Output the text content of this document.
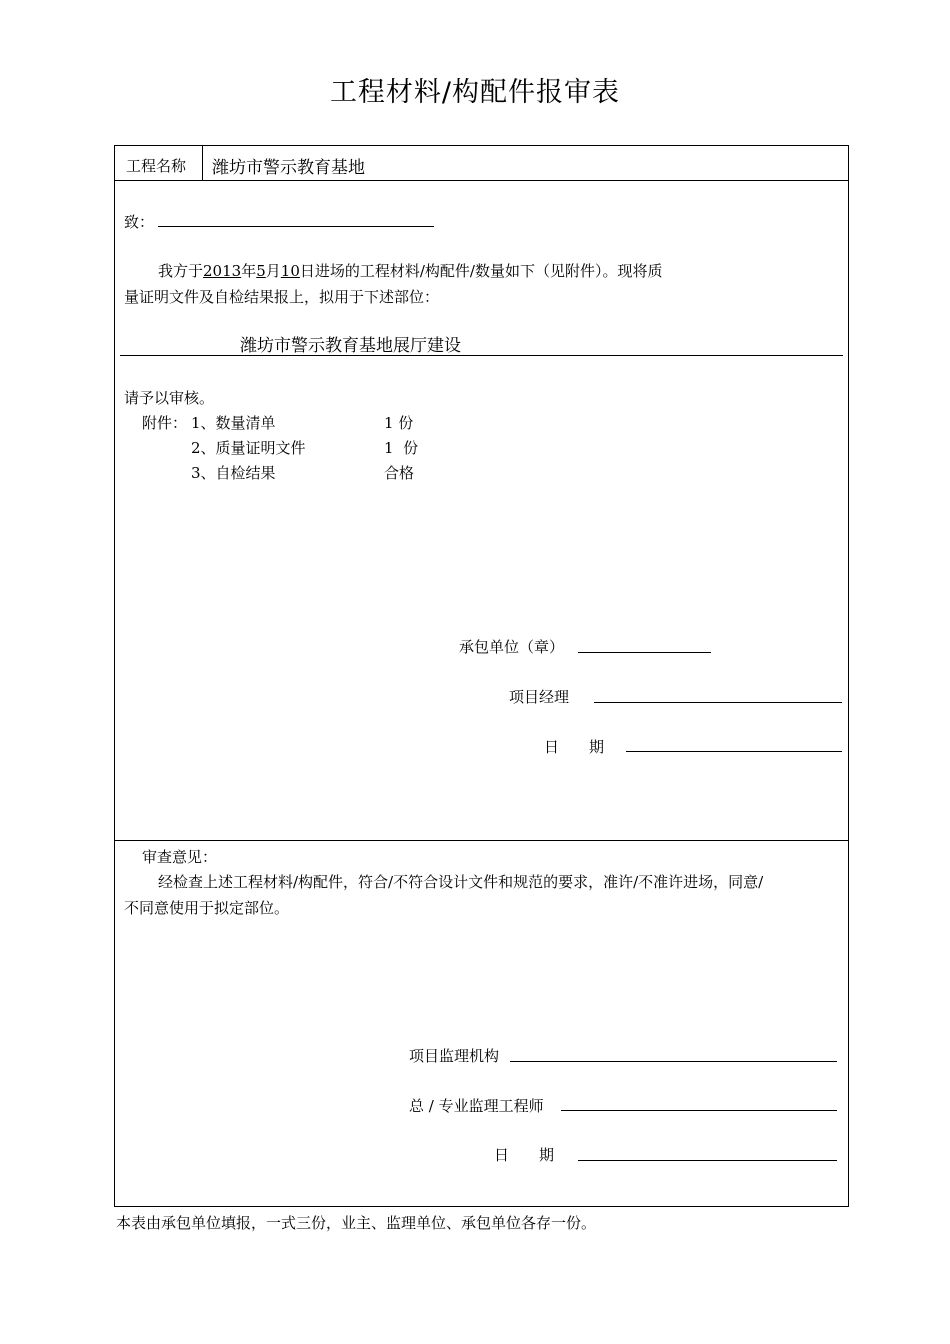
工程材料/构配件报审表
工程名称 潍坊市警示教育基地
致：
我方于2013年5月10日进场的工程材料/构配件/数量如下（见附件）。现将质
量证明文件及自检结果报上，拟用于下述部位：
潍坊市警示教育基地展厅建设
请予以审核。
附件： 1、数量清单	1 份
2、质量证明文件	1  份
3、自检结果	合格
承包单位（章）
项目经理
日　　期
审查意见：
经检查上述工程材料/构配件，符合/不符合设计文件和规范的要求，准许/不准许进场，同意/
不同意使用于拟定部位。
项目监理机构
总 / 专业监理工程师
日　　期
本表由承包单位填报，一式三份，业主、监理单位、承包单位各存一份。
